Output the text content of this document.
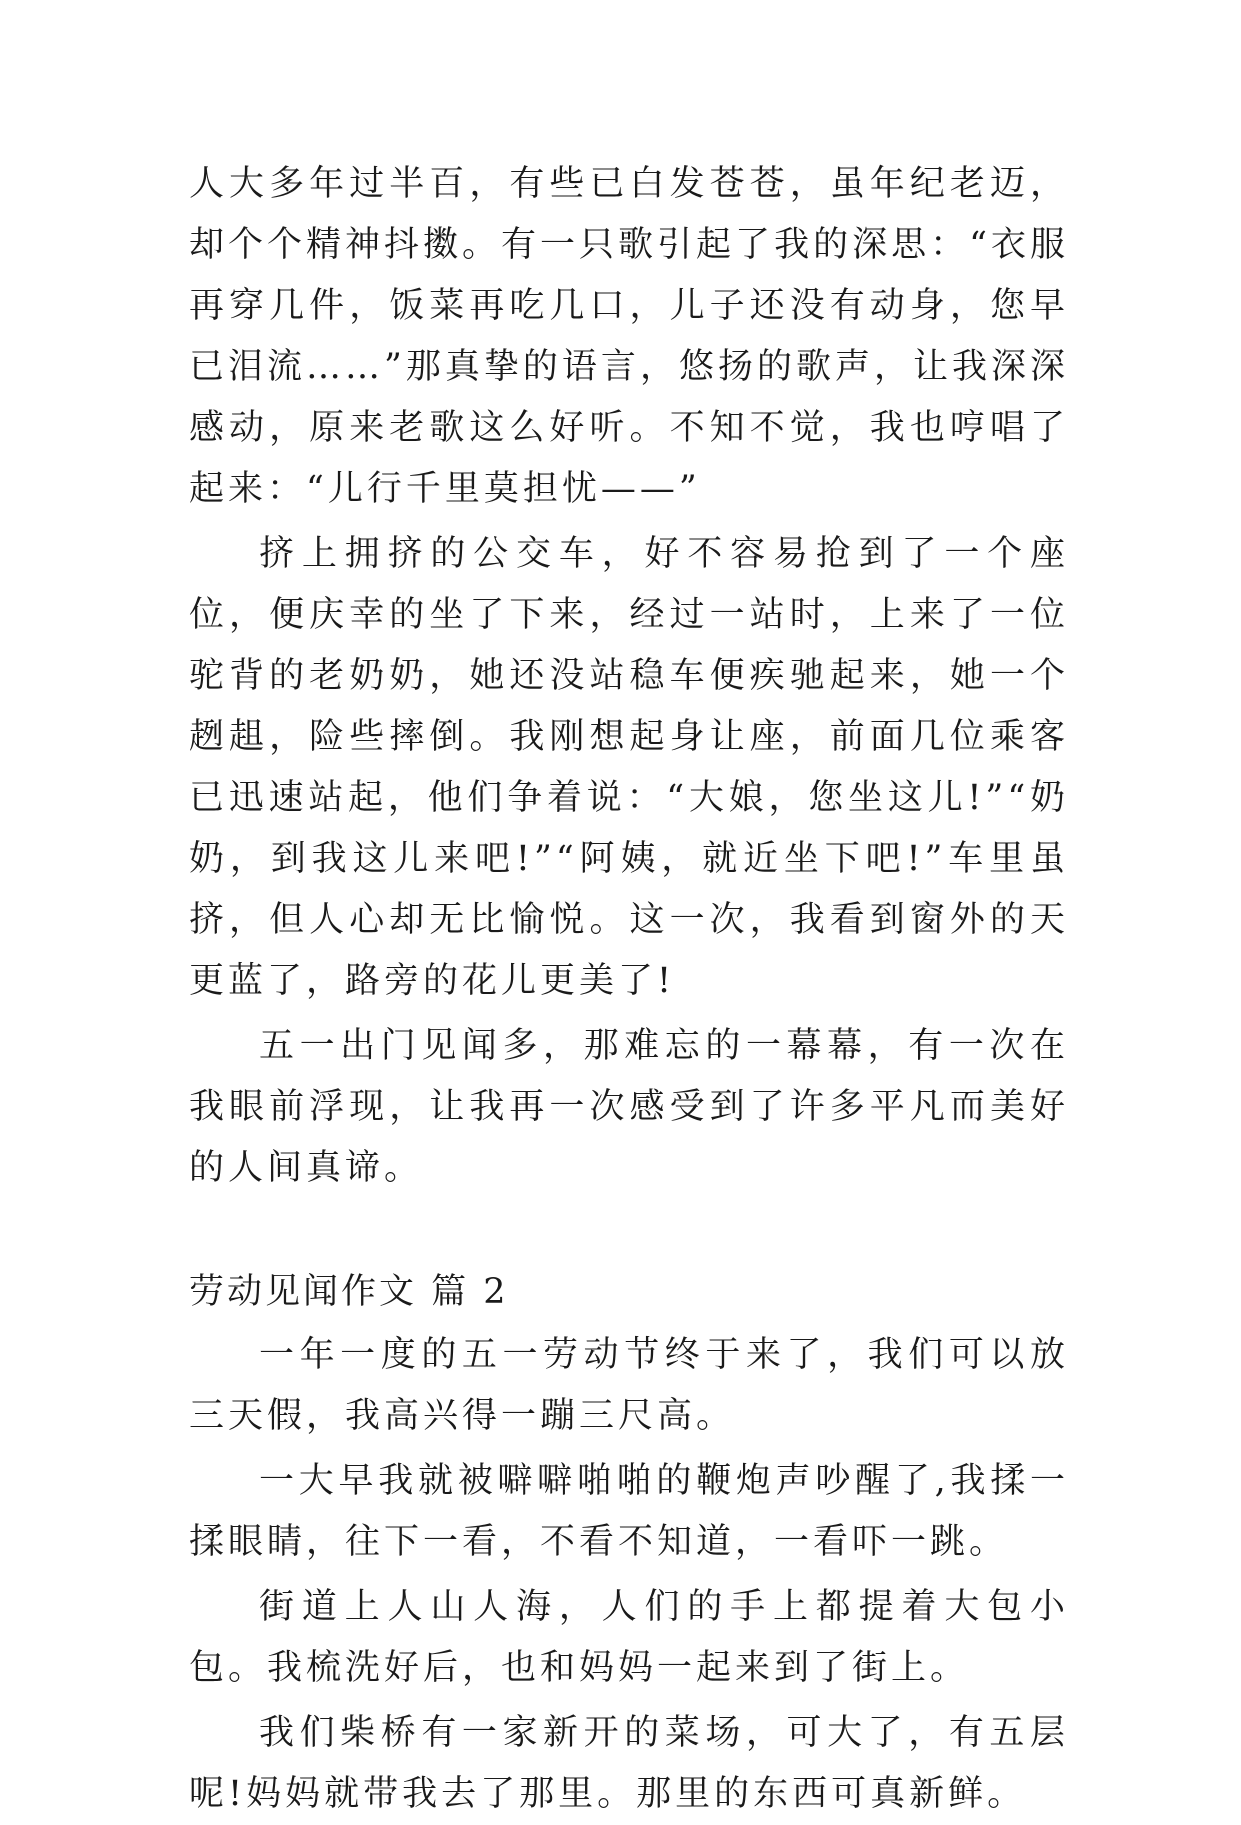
人大多年过半百，有些已白发苍苍，虽年纪老迈，却个个精神抖擞。有一只歌引起了我的深思：“衣服再穿几件，饭菜再吃几口，儿子还没有动身，您早已泪流……”那真挚的语言，悠扬的歌声，让我深深感动，原来老歌这么好听。不知不觉，我也哼唱了起来：“儿行千里莫担忧——”

挤上拥挤的公交车，好不容易抢到了一个座位，便庆幸的坐了下来，经过一站时，上来了一位驼背的老奶奶，她还没站稳车便疾驰起来，她一个趔趄，险些摔倒。我刚想起身让座，前面几位乘客已迅速站起，他们争着说：“大娘，您坐这儿!”“奶奶，到我这儿来吧!”“阿姨，就近坐下吧!”车里虽挤，但人心却无比愉悦。这一次，我看到窗外的天更蓝了，路旁的花儿更美了!

五一出门见闻多，那难忘的一幕幕，有一次在我眼前浮现，让我再一次感受到了许多平凡而美好的人间真谛。

劳动见闻作文 篇 2

一年一度的五一劳动节终于来了，我们可以放三天假，我高兴得一蹦三尺高。

一大早我就被噼噼啪啪的鞭炮声吵醒了,我揉一揉眼睛，往下一看，不看不知道，一看吓一跳。

街道上人山人海，人们的手上都提着大包小包。我梳洗好后，也和妈妈一起来到了街上。

我们柴桥有一家新开的菜场，可大了，有五层呢!妈妈就带我去了那里。那里的东西可真新鲜。
